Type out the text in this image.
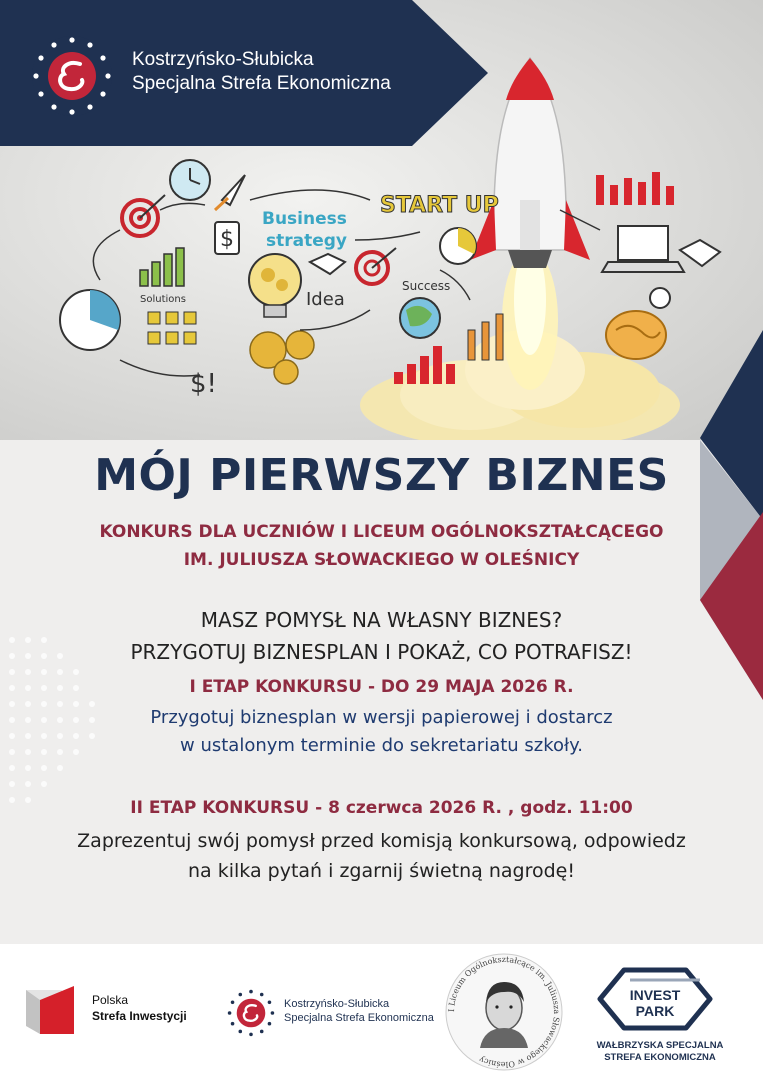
$
Business
strategy
Idea
START UP
Success
Solutions
$!
Kostrzyńsko-Słubicka
Specjalna Strefa Ekonomiczna
MÓJ PIERWSZY BIZNES
KONKURS DLA UCZNIÓW I LICEUM OGÓLNOKSZTAŁCĄCEGO
IM. JULIUSZA SŁOWACKIEGO W OLEŚNICY
MASZ POMYSŁ NA WŁASNY BIZNES?
PRZYGOTUJ BIZNESPLAN I POKAŻ, CO POTRAFISZ!
I ETAP KONKURSU - DO 29 MAJA 2026 R.
Przygotuj biznesplan w wersji papierowej i dostarcz
w ustalonym terminie do sekretariatu szkoły.
II ETAP KONKURSU - 8 czerwca 2026 R. , godz. 11:00
Zaprezentuj swój pomysł przed komisją konkursową, odpowiedz
na kilka pytań i zgarnij świetną nagrodę!
Polska
Strefa Inwestycji
Kostrzyńsko-Słubicka
Specjalna Strefa Ekonomiczna
I Liceum Ogólnokształcące im. Juliusza Słowackiego w Oleśnicy
INVEST
PARK
WAŁBRZYSKA SPECJALNA
STREFA EKONOMICZNA
